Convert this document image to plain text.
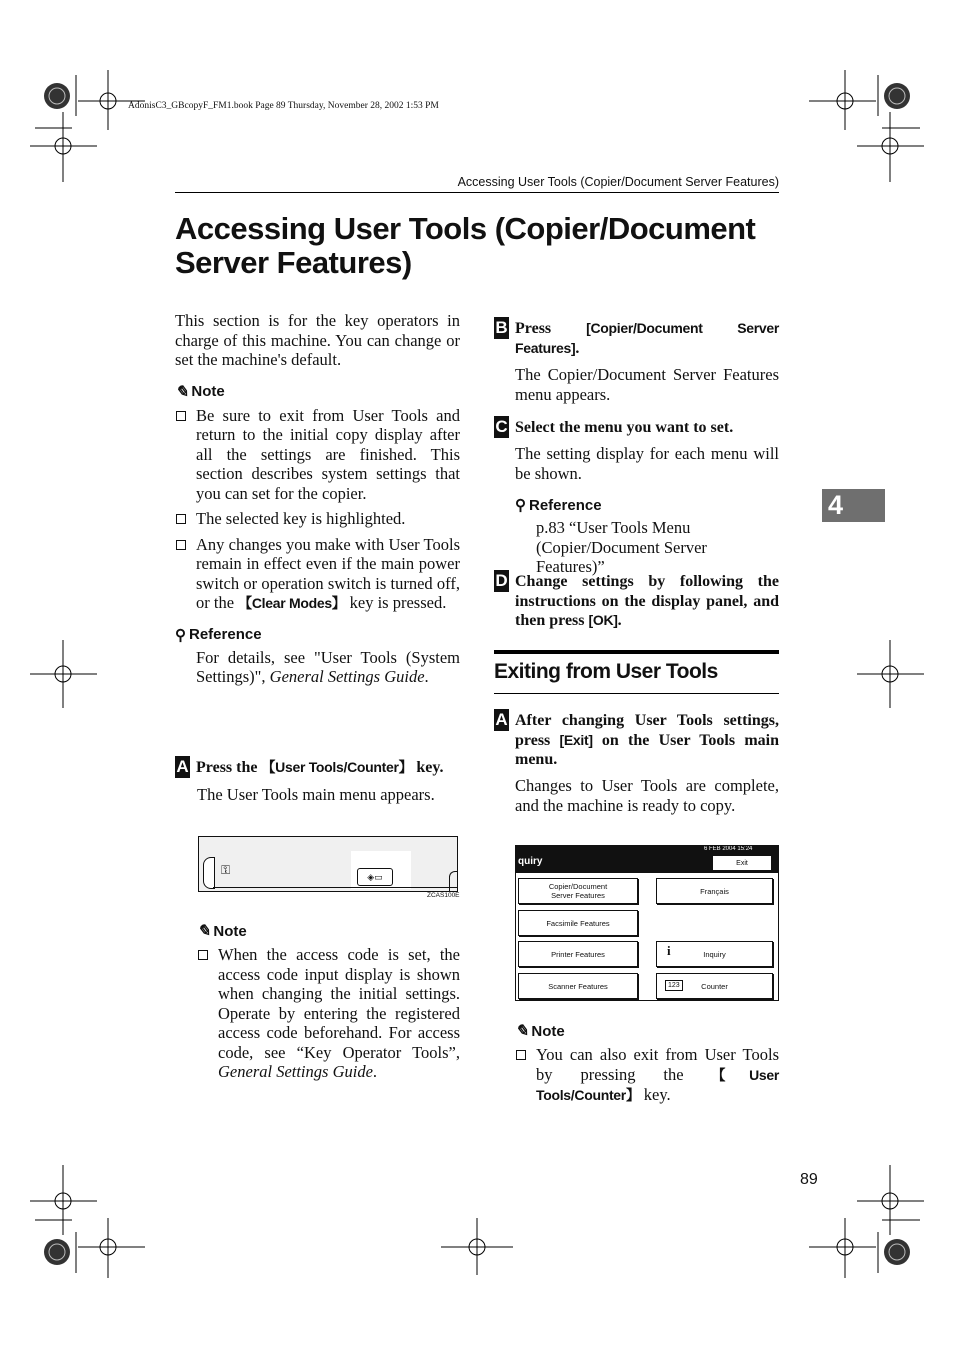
AdonisC3_GBcopyF_FM1.book Page 89 Thursday, November 28, 2002 1:53 PM
Accessing User Tools (Copier/Document Server Features)
Accessing User Tools (Copier/Document
Server Features)
This section is for the key operators in charge of this machine. You can change or set the machine's default.
✎ Note
Be sure to exit from User Tools and return to the initial copy display after all the settings are finished. This section describes system settings that you can set for the copier.
The selected key is highlighted.
Any changes you make with User Tools remain in effect even if the main power switch or operation switch is turned off, or the 【Clear Modes】 key is pressed.
⚲ Reference
For details, see "User Tools (System Settings)", General Settings Guide.
A Press the 【User Tools/Counter】 key.
The User Tools main menu appears.
⚿	◈▭
ZCAS100E
✎ Note
When the access code is set, the access code input display is shown when changing the initial settings. Operate by entering the registered access code beforehand. For access code, see “Key Operator Tools”, General Settings Guide.
B Press [Copier/Document Server Features].
The Copier/Document Server Features menu appears.
C Select the menu you want to set.
The setting display for each menu will be shown.
⚲ Reference
p.83 “User Tools Menu (Copier/Document Server Features)”
D Change settings by following the instructions on the display panel, and then press [OK].
Exiting from User Tools
A After changing User Tools settings, press [Exit] on the User Tools main menu.
Changes to User Tools are complete, and the machine is ready to copy.
quiry
6 FEB 2004 15:24
Exit
Copier/Document Server Features	Français
Facsimile Features
Printer Features	i	Inquiry
Scanner Features	123	Counter
✎ Note
You can also exit from User Tools by pressing the 【User Tools/Counter】 key.
4
89
